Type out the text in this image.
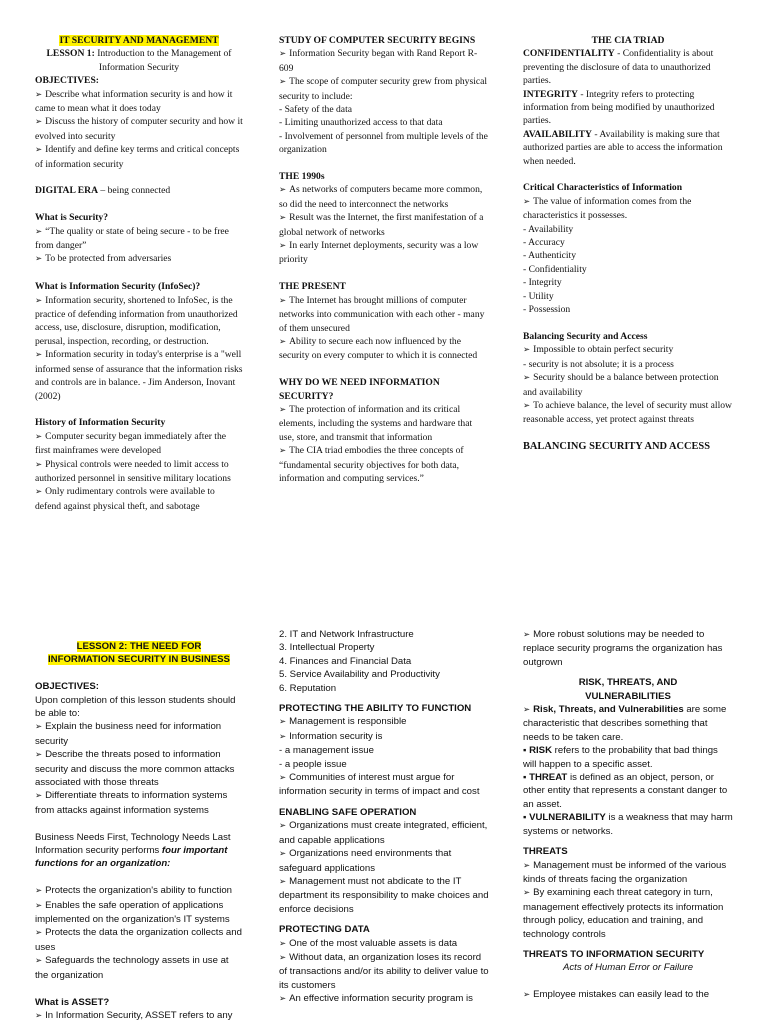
IT SECURITY AND MANAGEMENT

LESSON 1: Introduction to the Management of Information Security

OBJECTIVES:

➢ Describe what information security is and how it came to mean what it does today

➢ Discuss the history of computer security and how it evolved into security

➢ Identify and define key terms and critical concepts of information security

DIGITAL ERA – being connected

What is Security?

➢ “The quality or state of being secure - to be free from danger”

➢ To be protected from adversaries

What is Information Security (InfoSec)?

➢ Information security, shortened to InfoSec, is the practice of defending information from unauthorized access, use, disclosure, disruption, modification, perusal, inspection, recording, or destruction.

➢ Information security in today's enterprise is a "well informed sense of assurance that the information risks and controls are in balance. - Jim Anderson, Inovant (2002)

History of Information Security

➢ Computer security began immediately after the first mainframes were developed

➢ Physical controls were needed to limit access to authorized personnel in sensitive military locations

➢ Only rudimentary controls were available to defend against physical theft, and sabotage

STUDY OF COMPUTER SECURITY BEGINS

➢ Information Security began with Rand Report R-609

➢ The scope of computer security grew from physical security to include:

- Safety of the data

- Limiting unauthorized access to that data

- Involvement of personnel from multiple levels of the organization

THE 1990s

➢ As networks of computers became more common, so did the need to interconnect the networks

➢ Result was the Internet, the first manifestation of a global network of networks

➢ In early Internet deployments, security was a low priority

THE PRESENT

➢ The Internet has brought millions of computer networks into communication with each other - many of them unsecured

➢ Ability to secure each now influenced by the security on every computer to which it is connected

WHY DO WE NEED INFORMATION SECURITY?

➢ The protection of information and its critical elements, including the systems and hardware that use, store, and transmit that information

➢ The CIA triad embodies the three concepts of “fundamental security objectives for both data, information and computing services.”

THE CIA TRIAD

CONFIDENTIALITY - Confidentiality is about preventing the disclosure of data to unauthorized parties.

INTEGRITY - Integrity refers to protecting information from being modified by unauthorized parties.

AVAILABILITY - Availability is making sure that authorized parties are able to access the information when needed.

Critical Characteristics of Information

➢ The value of information comes from the characteristics it possesses.

- Availability

- Accuracy

- Authenticity

- Confidentiality

- Integrity

- Utility

- Possession

Balancing Security and Access

➢ Impossible to obtain perfect security

- security is not absolute; it is a process

➢ Security should be a balance between protection and availability

➢ To achieve balance, the level of security must allow reasonable access, yet protect against threats

BALANCING SECURITY AND ACCESS

LESSON 2: THE NEED FOR

INFORMATION SECURITY IN BUSINESS

OBJECTIVES:

Upon completion of this lesson students should be able to:

➢ Explain the business need for information security

➢ Describe the threats posed to information security and discuss the more common attacks associated with those threats

➢ Differentiate threats to information systems from attacks against information systems

Business Needs First, Technology Needs Last

Information security performs four important functions for an organization:

➢ Protects the organization's ability to function

➢ Enables the safe operation of applications implemented on the organization's IT systems

➢ Protects the data the organization collects and uses

➢ Safeguards the technology assets in use at the organization

What is ASSET?

➢ In Information Security, ASSET refers to any

2. IT and Network Infrastructure

3. Intellectual Property

4. Finances and Financial Data

5. Service Availability and Productivity

6. Reputation

PROTECTING THE ABILITY TO FUNCTION

➢ Management is responsible

➢ Information security is

- a management issue

- a people issue

➢ Communities of interest must argue for information security in terms of impact and cost

ENABLING SAFE OPERATION

➢ Organizations must create integrated, efficient, and capable applications

➢ Organizations need environments that safeguard applications

➢ Management must not abdicate to the IT department its responsibility to make choices and enforce decisions

PROTECTING DATA

➢ One of the most valuable assets is data

➢ Without data, an organization loses its record of transactions and/or its ability to deliver value to its customers

➢ An effective information security program is

➢ More robust solutions may be needed to replace security programs the organization has outgrown

RISK, THREATS, AND

VULNERABILITIES

➢ Risk, Threats, and Vulnerabilities are some characteristic that describes something that needs to be taken care.

▪ RISK refers to the probability that bad things will happen to a specific asset.

▪ THREAT is defined as an object, person, or other entity that represents a constant danger to an asset.

▪ VULNERABILITY is a weakness that may harm systems or networks.

THREATS

➢ Management must be informed of the various kinds of threats facing the organization

➢ By examining each threat category in turn, management effectively protects its information through policy, education and training, and technology controls

THREATS TO INFORMATION SECURITY

Acts of Human Error or Failure

➢ Employee mistakes can easily lead to the
